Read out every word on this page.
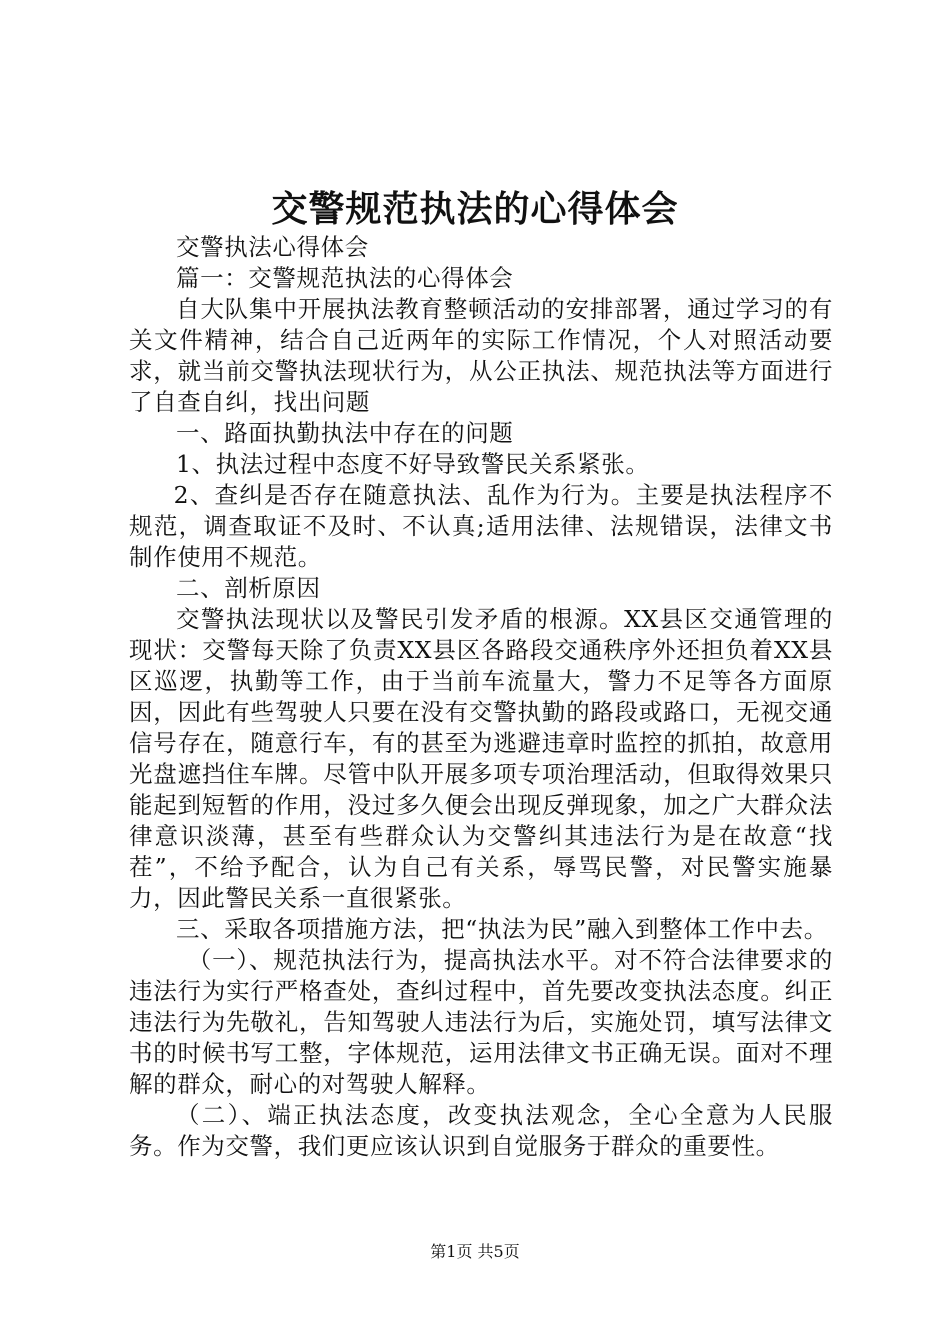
交警规范执法的心得体会

交警执法心得体会

篇一：交警规范执法的心得体会

自大队集中开展执法教育整顿活动的安排部署，通过学习的有关文件精神，结合自己近两年的实际工作情况，个人对照活动要求，就当前交警执法现状行为，从公正执法、规范执法等方面进行了自查自纠，找出问题

一、路面执勤执法中存在的问题

1、执法过程中态度不好导致警民关系紧张。

2、查纠是否存在随意执法、乱作为行为。主要是执法程序不规范，调查取证不及时、不认真;适用法律、法规错误，法律文书制作使用不规范。

二、剖析原因

交警执法现状以及警民引发矛盾的根源。XX县区交通管理的现状：交警每天除了负责XX县区各路段交通秩序外还担负着XX县区巡逻，执勤等工作，由于当前车流量大，警力不足等各方面原因，因此有些驾驶人只要在没有交警执勤的路段或路口，无视交通信号存在，随意行车，有的甚至为逃避违章时监控的抓拍，故意用光盘遮挡住车牌。尽管中队开展多项专项治理活动，但取得效果只能起到短暂的作用，没过多久便会出现反弹现象，加之广大群众法律意识淡薄，甚至有些群众认为交警纠其违法行为是在故意“找茬”，不给予配合，认为自己有关系，辱骂民警，对民警实施暴力，因此警民关系一直很紧张。

三、采取各项措施方法，把“执法为民”融入到整体工作中去。

（一）、规范执法行为，提高执法水平。对不符合法律要求的违法行为实行严格查处，查纠过程中，首先要改变执法态度。纠正违法行为先敬礼，告知驾驶人违法行为后，实施处罚，填写法律文书的时候书写工整，字体规范，运用法律文书正确无误。面对不理解的群众，耐心的对驾驶人解释。

（二）、端正执法态度，改变执法观念，全心全意为人民服务。作为交警，我们更应该认识到自觉服务于群众的重要性。

第1页 共5页
